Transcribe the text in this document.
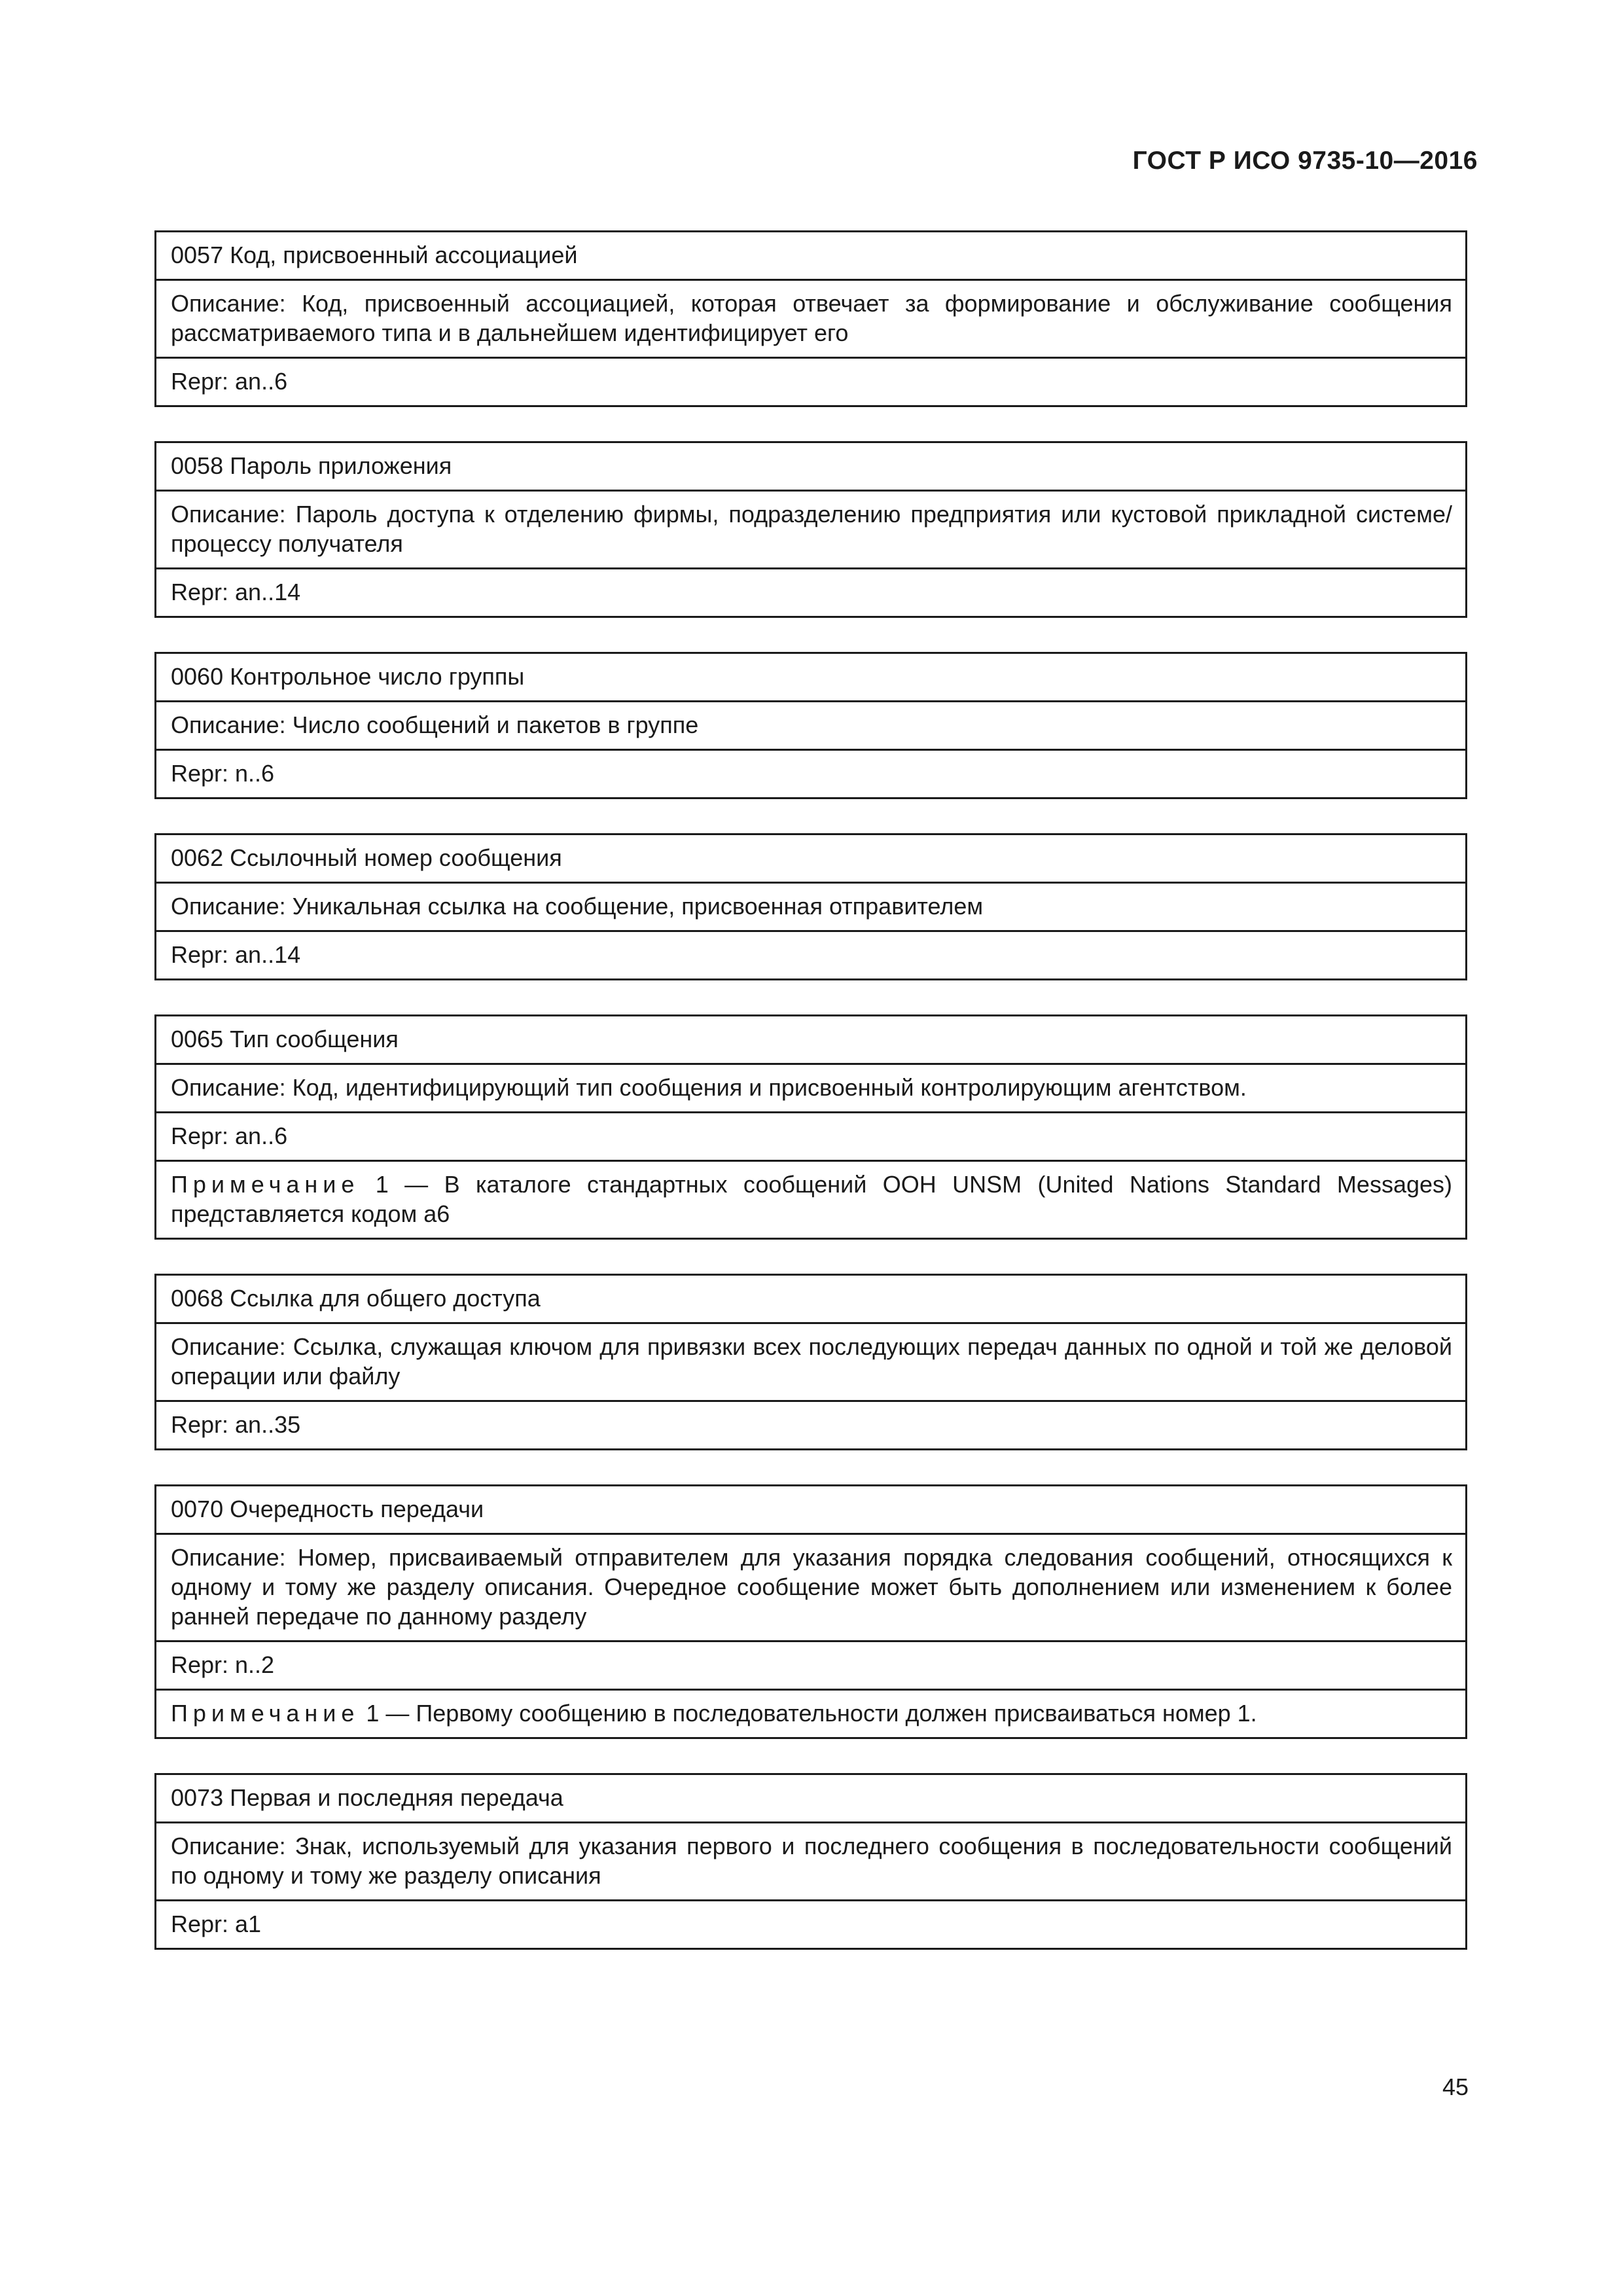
ГОСТ Р ИСО 9735-10—2016
0057 Код, присвоенный ассоциацией
Описание: Код, присвоенный ассоциацией, которая отвечает за формирование и обслуживание сообщения рассматриваемого типа и в дальнейшем идентифицирует его
Repr: an..6
0058 Пароль приложения
Описание: Пароль доступа к отделению фирмы, подразделению предприятия или кустовой прикладной системе/процессу получателя
Repr: an..14
0060 Контрольное число группы
Описание: Число сообщений и пакетов в группе
Repr: n..6
0062 Ссылочный номер сообщения
Описание: Уникальная ссылка на сообщение, присвоенная отправителем
Repr: an..14
0065 Тип сообщения
Описание: Код, идентифицирующий тип сообщения и присвоенный контролирующим агентством.
Repr: an..6
Примечание 1 — В каталоге стандартных сообщений ООН UNSM (United Nations Standard Messages) представляется кодом a6
0068 Ссылка для общего доступа
Описание: Ссылка, служащая ключом для привязки всех последующих передач данных по одной и той же деловой операции или файлу
Repr: an..35
0070 Очередность передачи
Описание: Номер, присваиваемый отправителем для указания порядка следования сообщений, относящихся к одному и тому же разделу описания. Очередное сообщение может быть дополнением или изменением к более ранней передаче по данному разделу
Repr: n..2
Примечание 1 — Первому сообщению в последовательности должен присваиваться номер 1.
0073 Первая и последняя передача
Описание: Знак, используемый для указания первого и последнего сообщения в последовательности сообщений по одному и тому же разделу описания
Repr: a1
45
